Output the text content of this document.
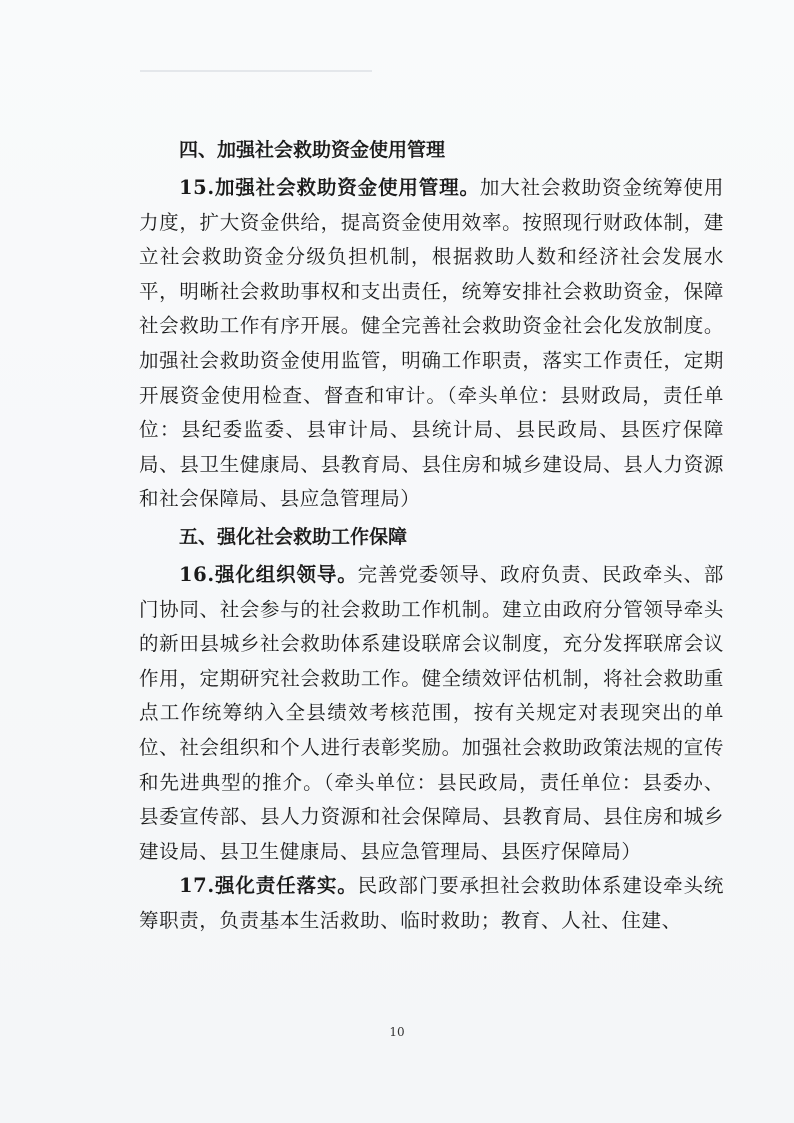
四、加强社会救助资金使用管理

15.加强社会救助资金使用管理。加大社会救助资金统筹使用力度，扩大资金供给，提高资金使用效率。按照现行财政体制，建立社会救助资金分级负担机制，根据救助人数和经济社会发展水平，明晰社会救助事权和支出责任，统筹安排社会救助资金，保障社会救助工作有序开展。健全完善社会救助资金社会化发放制度。加强社会救助资金使用监管，明确工作职责，落实工作责任，定期开展资金使用检查、督查和审计。（牵头单位：县财政局，责任单位：县纪委监委、县审计局、县统计局、县民政局、县医疗保障局、县卫生健康局、县教育局、县住房和城乡建设局、县人力资源和社会保障局、县应急管理局）

五、强化社会救助工作保障

16.强化组织领导。完善党委领导、政府负责、民政牵头、部门协同、社会参与的社会救助工作机制。建立由政府分管领导牵头的新田县城乡社会救助体系建设联席会议制度，充分发挥联席会议作用，定期研究社会救助工作。健全绩效评估机制，将社会救助重点工作统筹纳入全县绩效考核范围，按有关规定对表现突出的单位、社会组织和个人进行表彰奖励。加强社会救助政策法规的宣传和先进典型的推介。（牵头单位：县民政局，责任单位：县委办、县委宣传部、县人力资源和社会保障局、县教育局、县住房和城乡建设局、县卫生健康局、县应急管理局、县医疗保障局）

17.强化责任落实。民政部门要承担社会救助体系建设牵头统筹职责，负责基本生活救助、临时救助；教育、人社、住建、

10
